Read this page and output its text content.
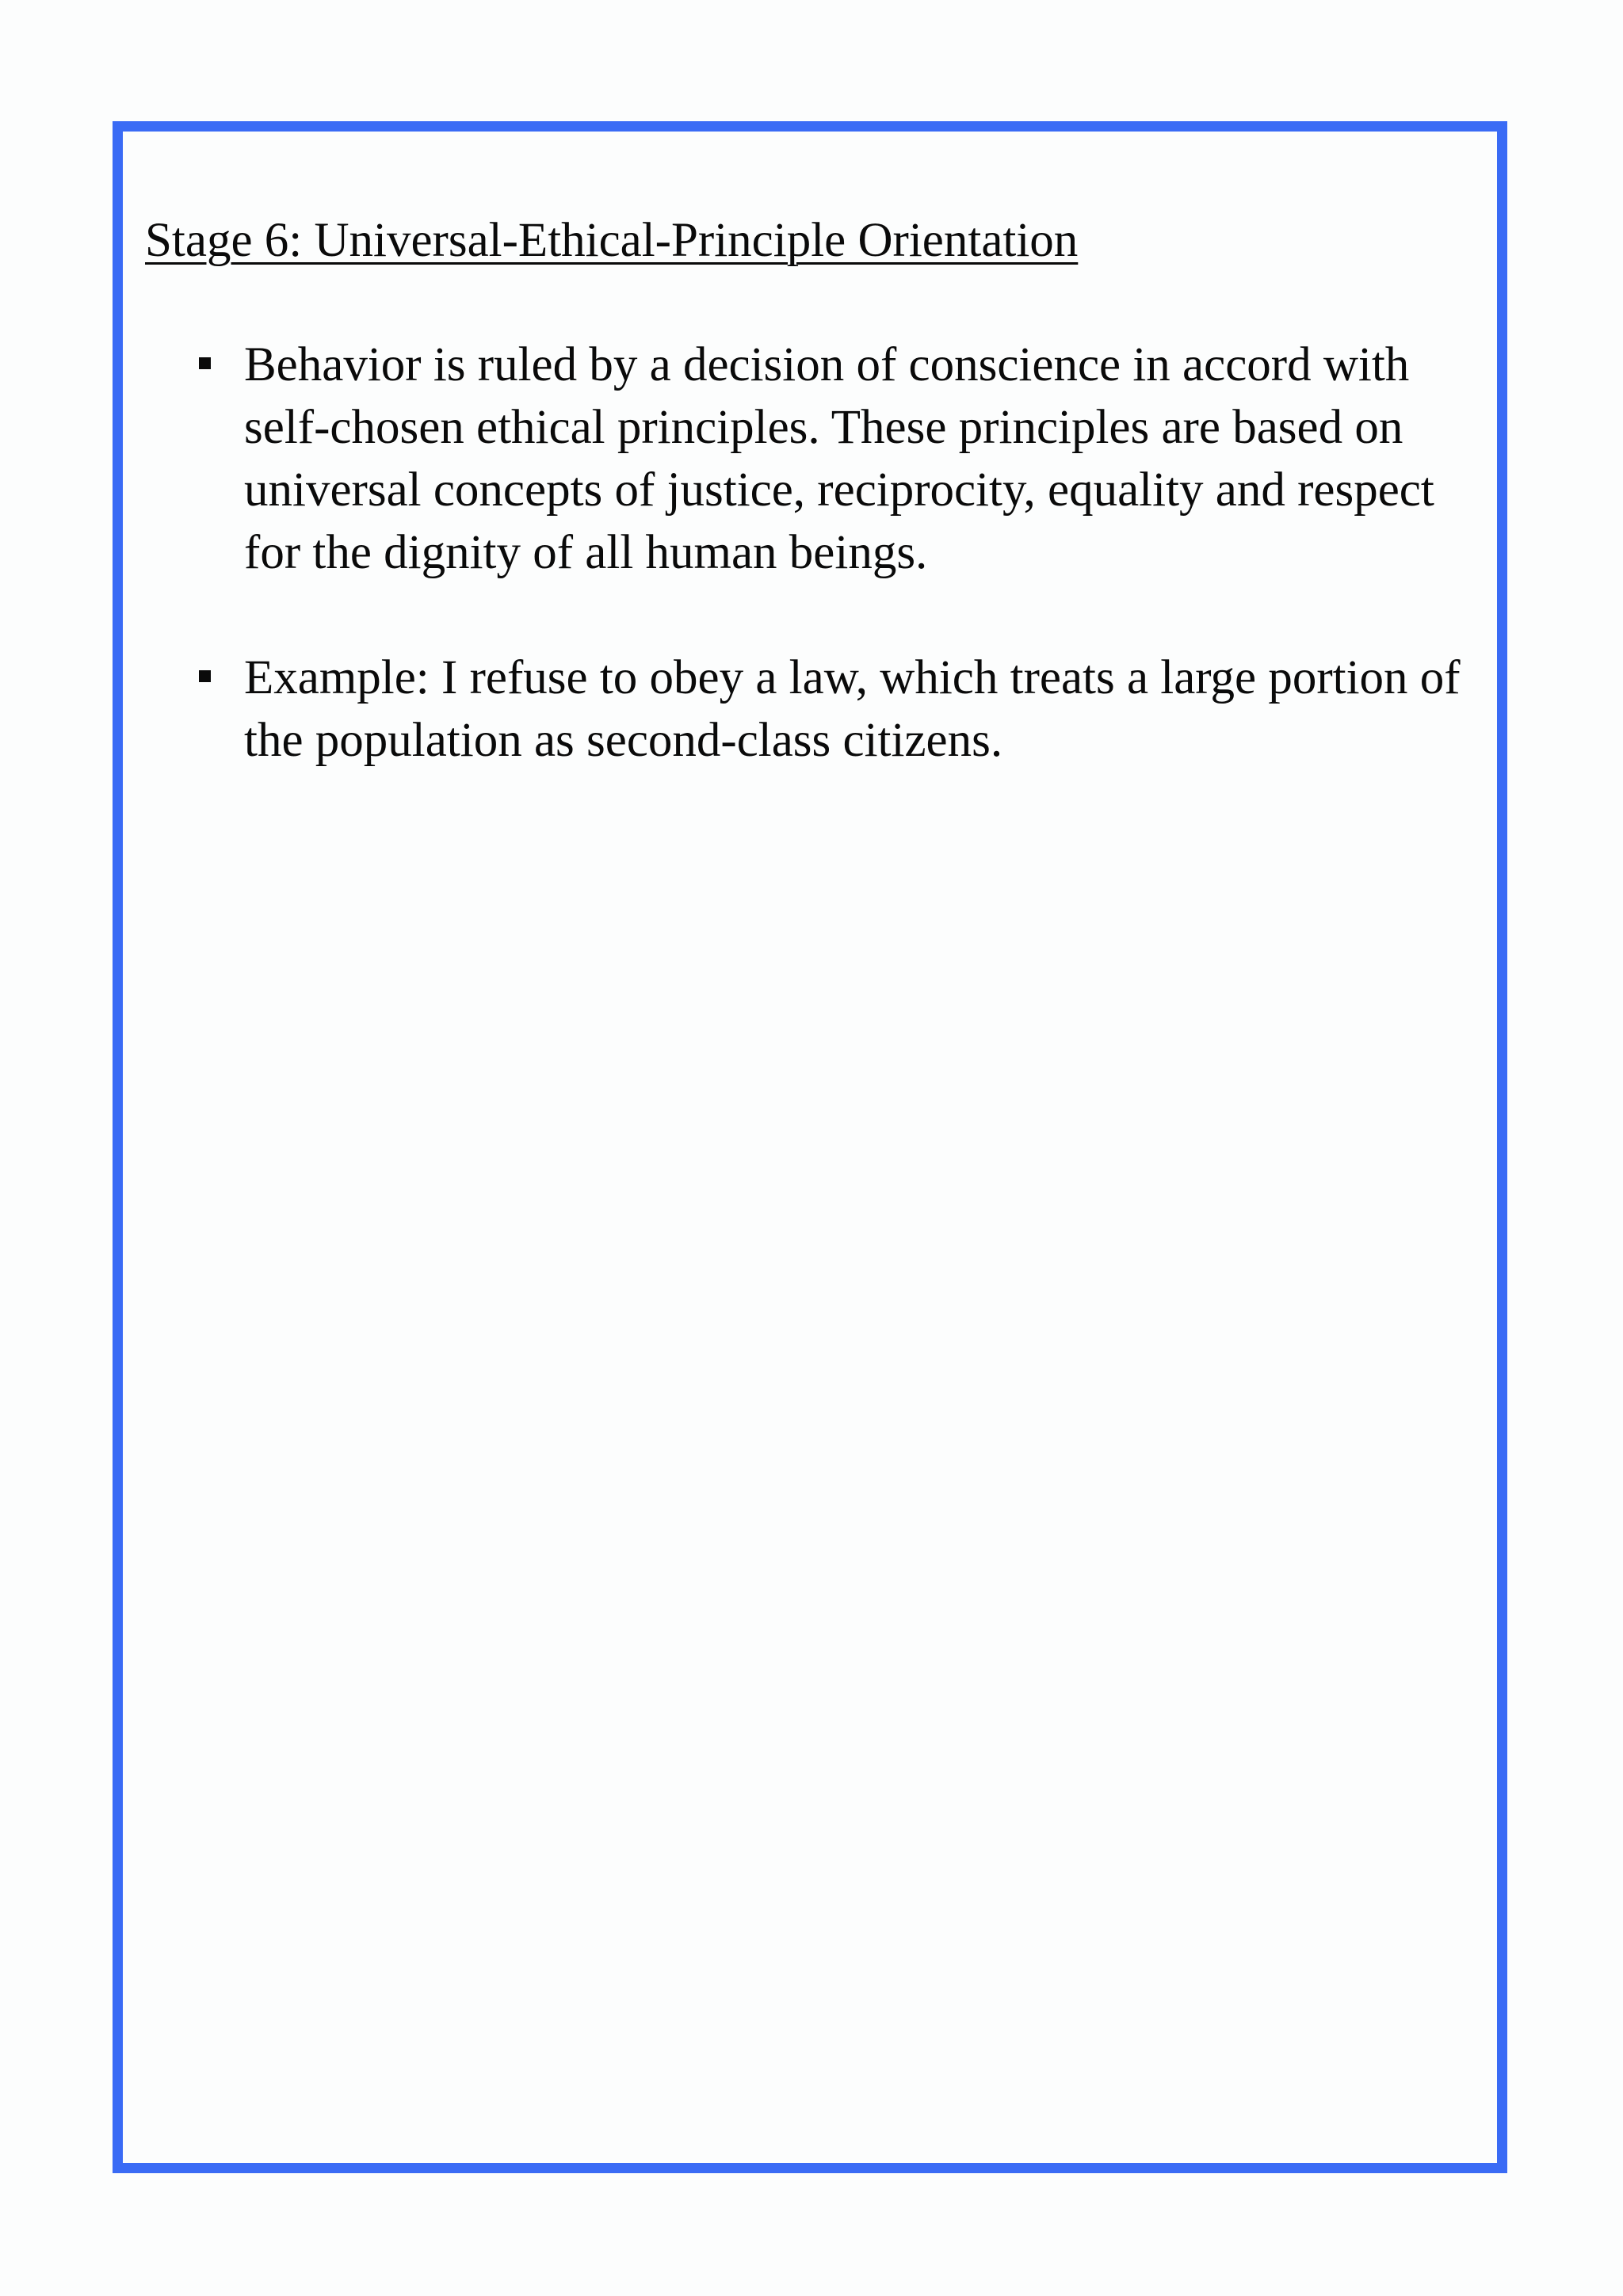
Stage 6: Universal-Ethical-Principle Orientation
Behavior is ruled by a decision of conscience in accord with self-chosen ethical principles. These principles are based on universal concepts of justice, reciprocity, equality and respect for the dignity of all human beings.
Example: I refuse to obey a law, which treats a large portion of the population as second-class citizens.
